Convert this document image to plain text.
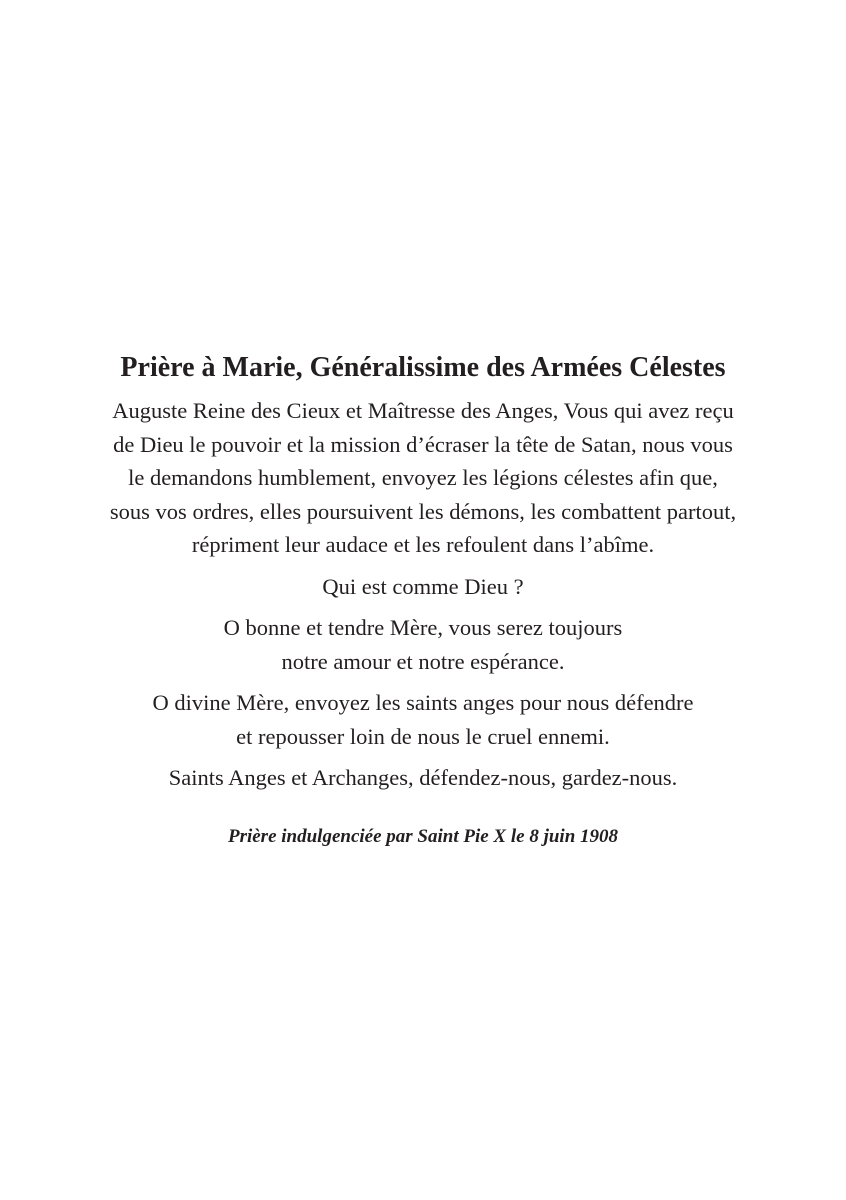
Prière à Marie, Généralissime des Armées Célestes
Auguste Reine des Cieux et Maîtresse des Anges, Vous qui avez reçu
de Dieu le pouvoir et la mission d’écraser la tête de Satan, nous vous
le demandons humblement, envoyez les légions célestes afin que,
sous vos ordres, elles poursuivent les démons, les combattent partout,
répriment leur audace et les refoulent dans l’abîme.
Qui est comme Dieu ?
O bonne et tendre Mère, vous serez toujours
notre amour et notre espérance.
O divine Mère, envoyez les saints anges pour nous défendre
et repousser loin de nous le cruel ennemi.
Saints Anges et Archanges, défendez-nous, gardez-nous.
Prière indulgenciée par Saint Pie X le 8 juin 1908
